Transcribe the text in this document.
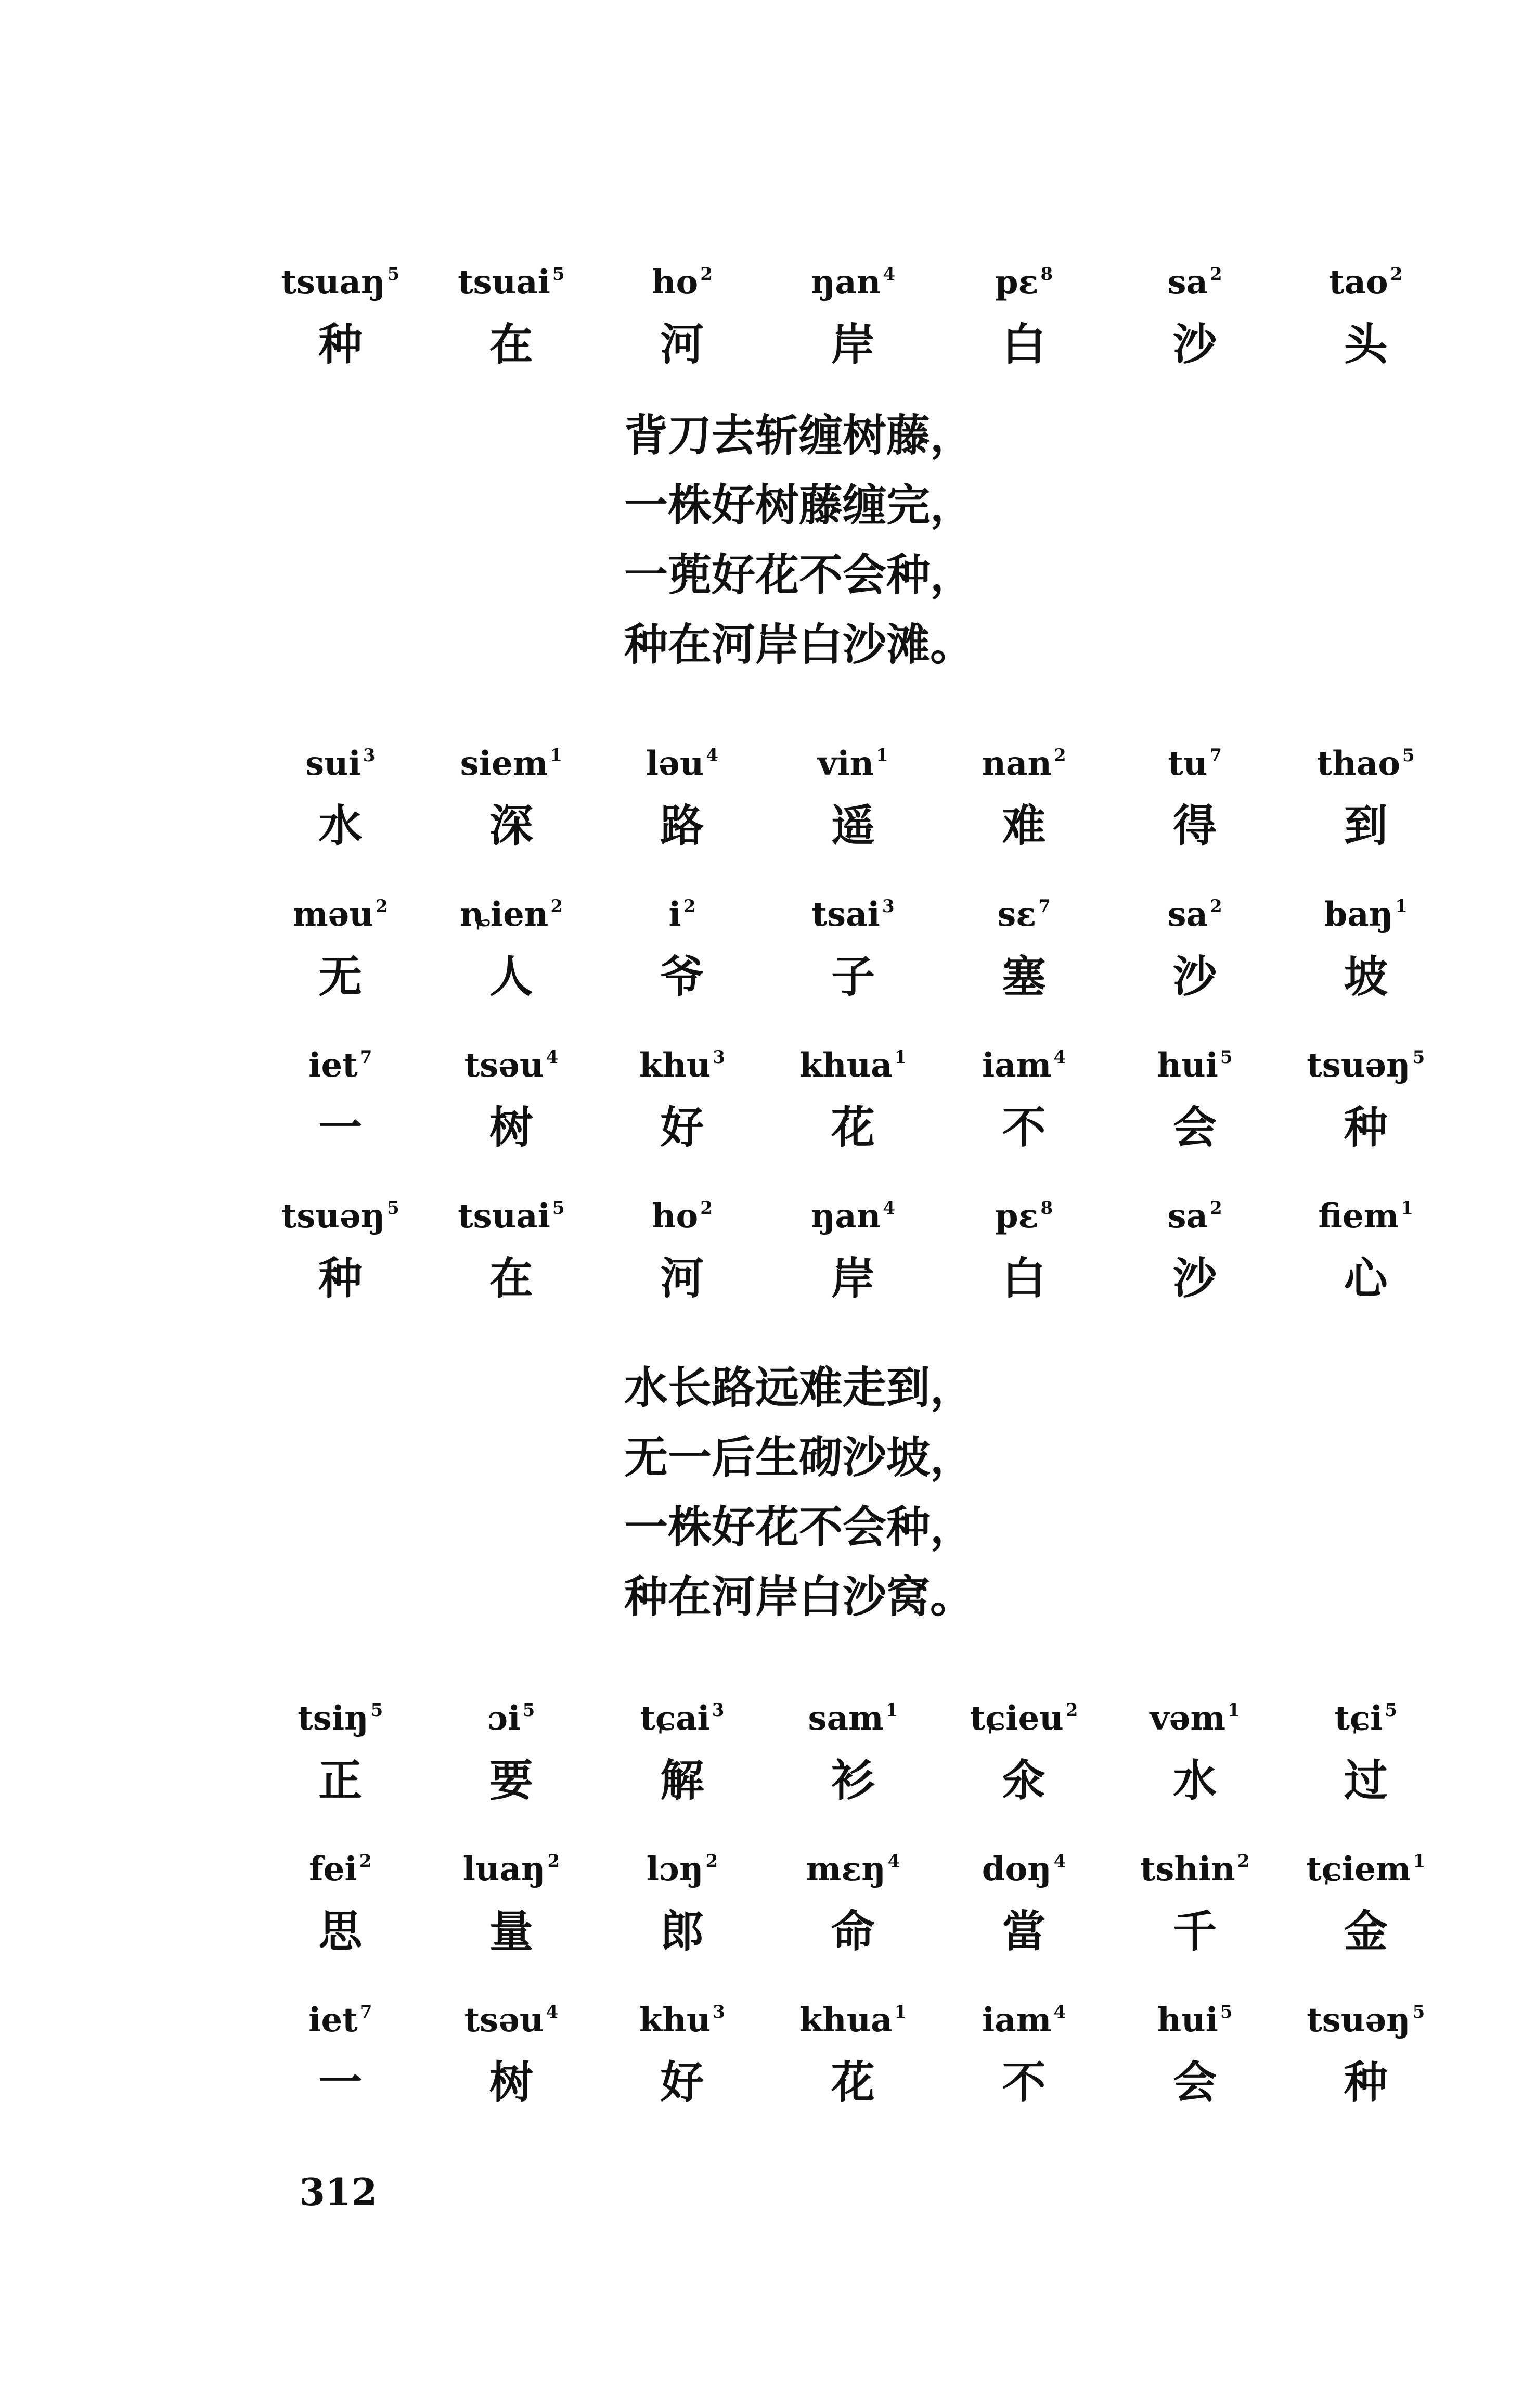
tsuaŋ $^5$	tsuai $^5$	ho $^2$	ŋan $^4$	pɛ $^8$	sa $^2$	tao $^2$
种	在	河	岸	白	沙	头
背刀去斩缠树藤，
一株好树藤缠完，
一蔸好花不会种，
种在河岸白沙滩。
sui $^3$	siem $^1$	ləu $^4$	vin $^1$	nan $^2$	tu $^7$	thao $^5$
水	深	路	遥	难	得	到
məu $^2$	ȵien $^2$	i $^2$	tsai $^3$	sɛ $^7$	sa $^2$	baŋ $^1$
无	人	爷	子	塞	沙	坡
iet $^7$	tsəu $^4$	khu $^3$	khua $^1$	iam $^4$	hui $^5$	tsuəŋ $^5$
一	树	好	花	不	会	种
tsuəŋ $^5$	tsuai $^5$	ho $^2$	ŋan $^4$	pɛ $^8$	sa $^2$	fiem $^1$
种	在	河	岸	白	沙	心
水长路远难走到，
无一后生砌沙坡，
一株好花不会种，
种在河岸白沙窝。
tsiŋ $^5$	ɔi $^5$	tɕai $^3$	sam $^1$	tɕieu $^2$	vəm $^1$	tɕi $^5$
正	要	解	衫	氽	水	过
fei $^2$	luaŋ $^2$	lɔŋ $^2$	mɛŋ $^4$	doŋ $^4$	tshin $^2$	tɕiem $^1$
思	量	郎	命	當	千	金
iet $^7$	tsəu $^4$	khu $^3$	khua $^1$	iam $^4$	hui $^5$	tsuəŋ $^5$
一	树	好	花	不	会	种
312
